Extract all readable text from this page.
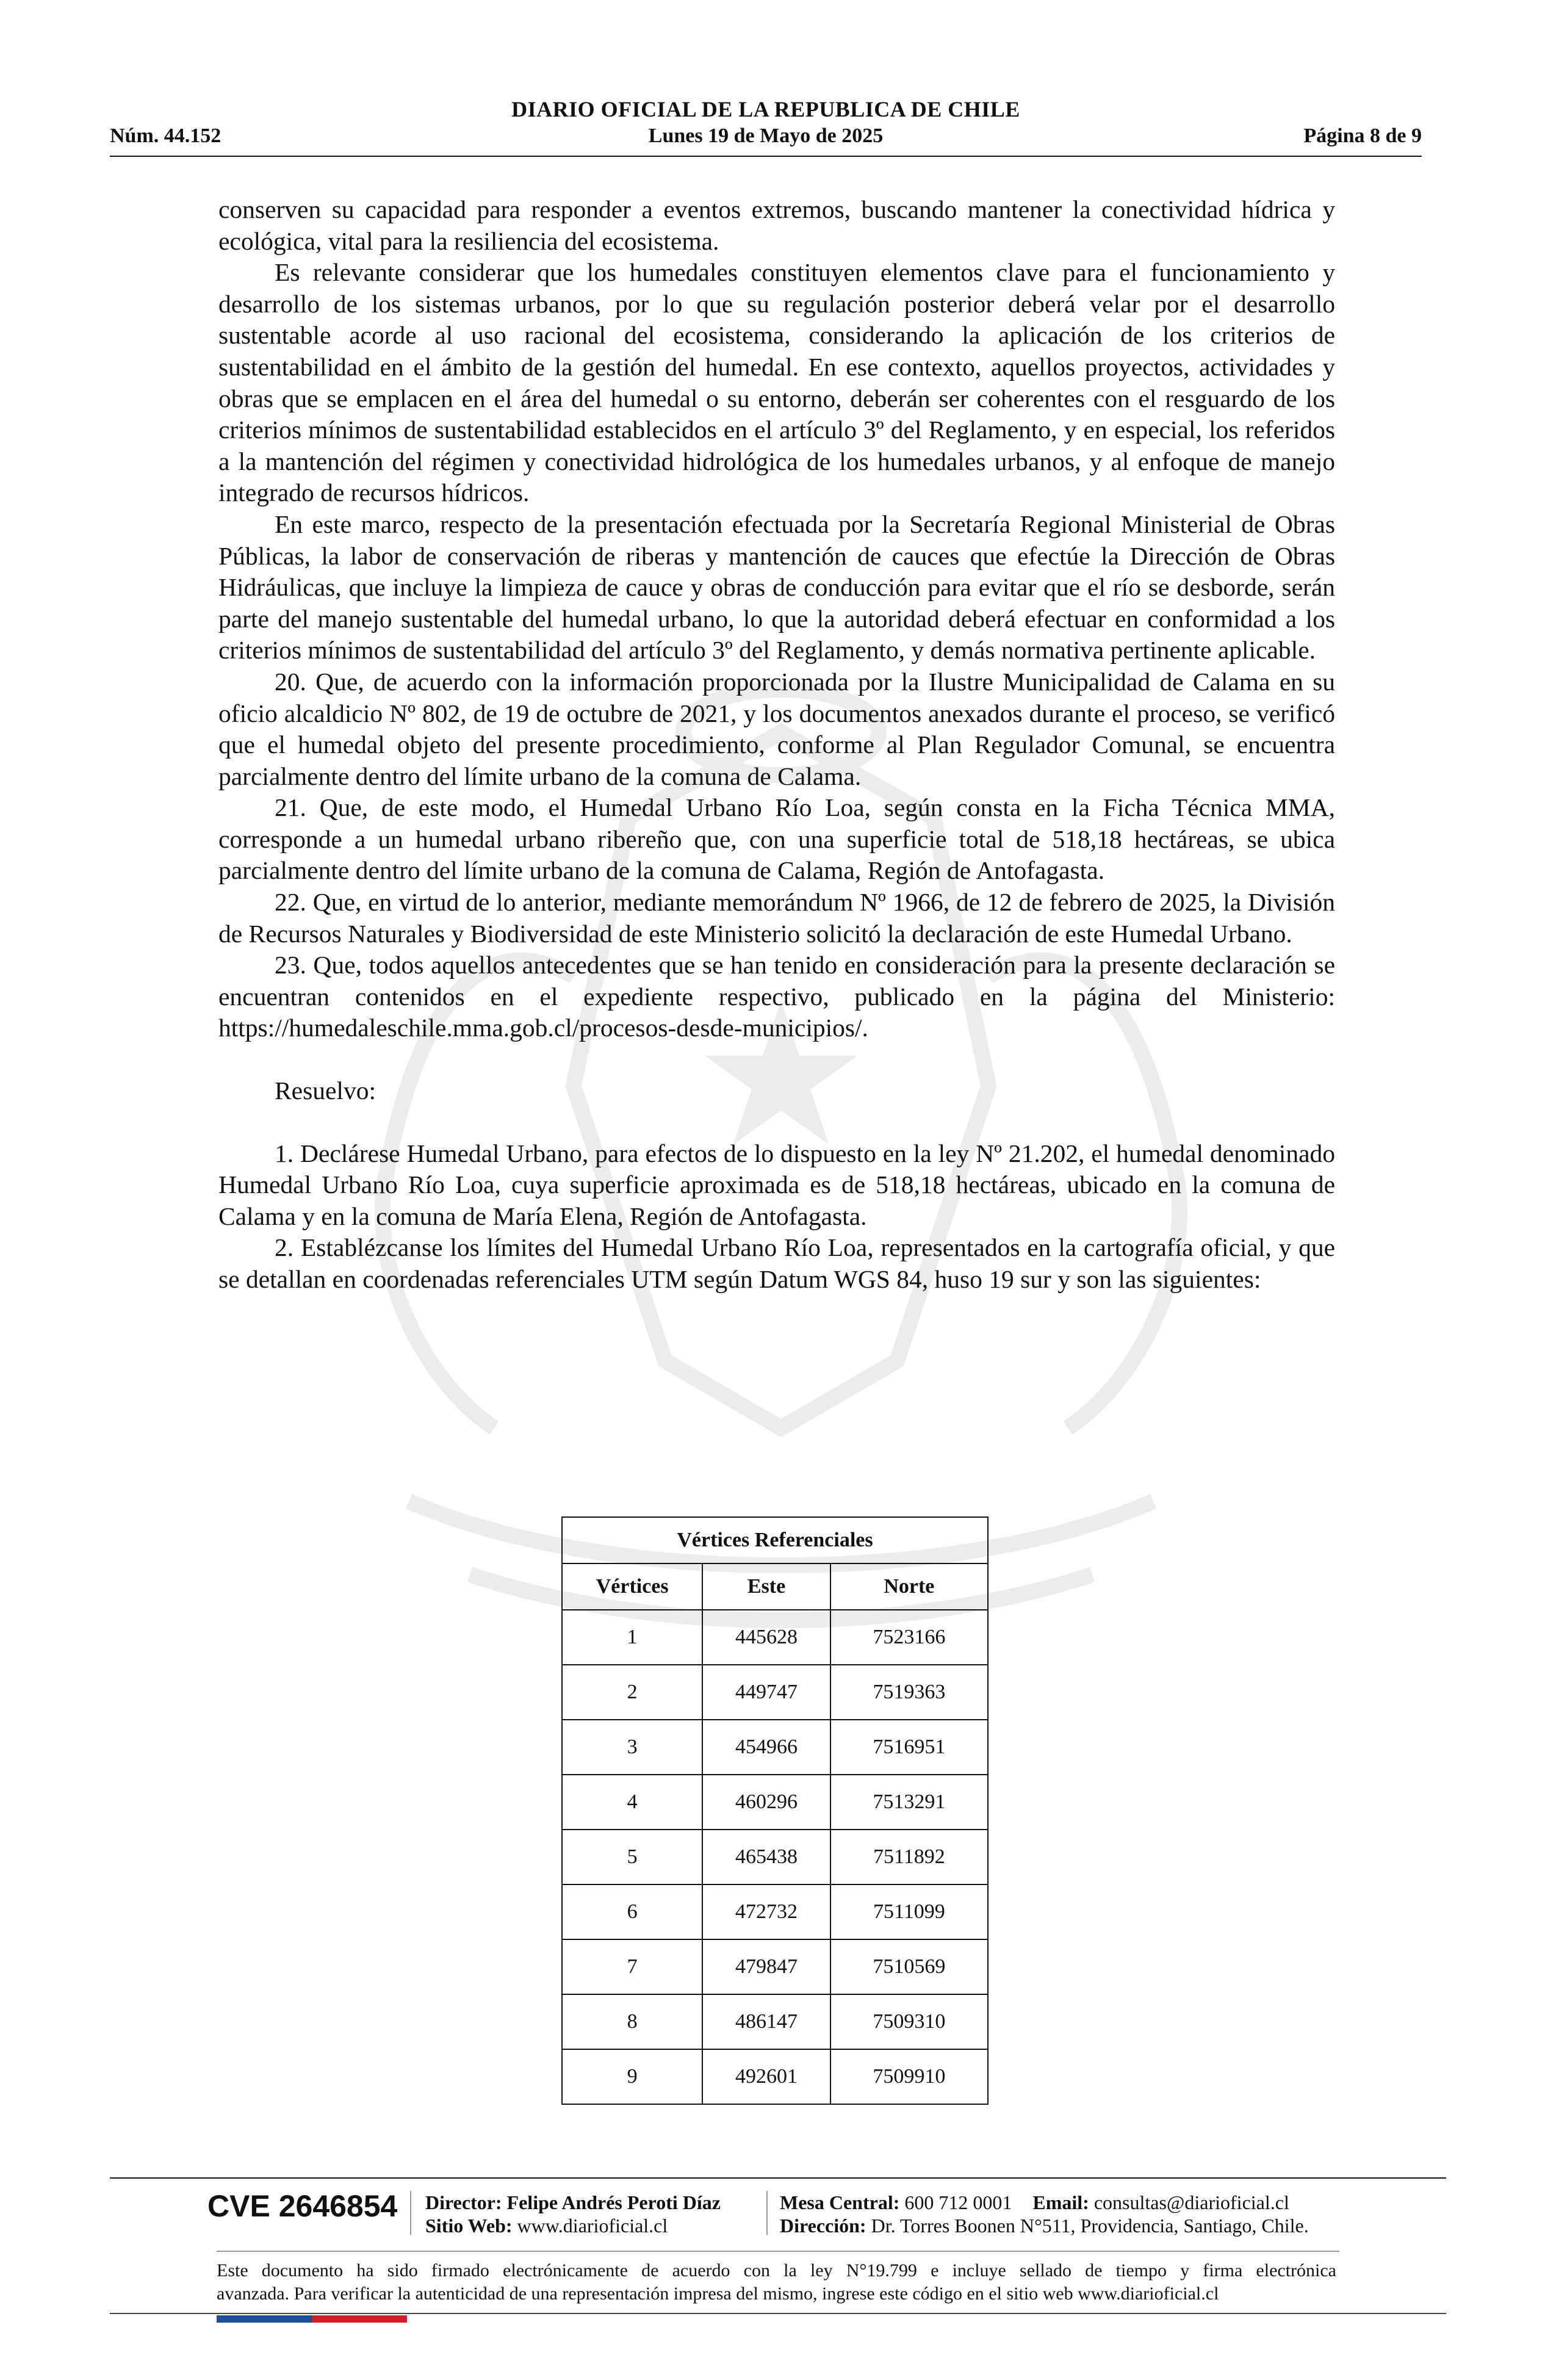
DIARIO OFICIAL DE LA REPUBLICA DE CHILE
Núm. 44.152	Lunes 19 de Mayo de 2025	Página 8 de 9

conserven su capacidad para responder a eventos extremos, buscando mantener la conectividad hídrica y ecológica, vital para la resiliencia del ecosistema.

Es relevante considerar que los humedales constituyen elementos clave para el funcionamiento y desarrollo de los sistemas urbanos, por lo que su regulación posterior deberá velar por el desarrollo sustentable acorde al uso racional del ecosistema, considerando la aplicación de los criterios de sustentabilidad en el ámbito de la gestión del humedal. En ese contexto, aquellos proyectos, actividades y obras que se emplacen en el área del humedal o su entorno, deberán ser coherentes con el resguardo de los criterios mínimos de sustentabilidad establecidos en el artículo 3º del Reglamento, y en especial, los referidos a la mantención del régimen y conectividad hidrológica de los humedales urbanos, y al enfoque de manejo integrado de recursos hídricos.

En este marco, respecto de la presentación efectuada por la Secretaría Regional Ministerial de Obras Públicas, la labor de conservación de riberas y mantención de cauces que efectúe la Dirección de Obras Hidráulicas, que incluye la limpieza de cauce y obras de conducción para evitar que el río se desborde, serán parte del manejo sustentable del humedal urbano, lo que la autoridad deberá efectuar en conformidad a los criterios mínimos de sustentabilidad del artículo 3º del Reglamento, y demás normativa pertinente aplicable.

20. Que, de acuerdo con la información proporcionada por la Ilustre Municipalidad de Calama en su oficio alcaldicio Nº 802, de 19 de octubre de 2021, y los documentos anexados durante el proceso, se verificó que el humedal objeto del presente procedimiento, conforme al Plan Regulador Comunal, se encuentra parcialmente dentro del límite urbano de la comuna de Calama.

21. Que, de este modo, el Humedal Urbano Río Loa, según consta en la Ficha Técnica MMA, corresponde a un humedal urbano ribereño que, con una superficie total de 518,18 hectáreas, se ubica parcialmente dentro del límite urbano de la comuna de Calama, Región de Antofagasta.

22. Que, en virtud de lo anterior, mediante memorándum Nº 1966, de 12 de febrero de 2025, la División de Recursos Naturales y Biodiversidad de este Ministerio solicitó la declaración de este Humedal Urbano.

23. Que, todos aquellos antecedentes que se han tenido en consideración para la presente declaración se encuentran contenidos en el expediente respectivo, publicado en la página del Ministerio: https://humedaleschile.mma.gob.cl/procesos-desde-municipios/.

Resuelvo:

1. Declárese Humedal Urbano, para efectos de lo dispuesto en la ley Nº 21.202, el humedal denominado Humedal Urbano Río Loa, cuya superficie aproximada es de 518,18 hectáreas, ubicado en la comuna de Calama y en la comuna de María Elena, Región de Antofagasta.

2. Establézcanse los límites del Humedal Urbano Río Loa, representados en la cartografía oficial, y que se detallan en coordenadas referenciales UTM según Datum WGS 84, huso 19 sur y son las siguientes:

Vértices Referenciales		
Vértices	Este	Norte
1	445628	7523166
2	449747	7519363
3	454966	7516951
4	460296	7513291
5	465438	7511892
6	472732	7511099
7	479847	7510569
8	486147	7509310
9	492601	7509910
CVE 2646854 Director: Felipe Andrés Peroti Díaz
Sitio Web: www.diarioficial.cl
Mesa Central: 600 712 0001 Email: consultas@diarioficial.cl
Dirección: Dr. Torres Boonen N°511, Providencia, Santiago, Chile.
Este documento ha sido firmado electrónicamente de acuerdo con la ley N°19.799 e incluye sellado de tiempo y firma electrónica
avanzada. Para verificar la autenticidad de una representación impresa del mismo, ingrese este código en el sitio web www.diarioficial.cl
